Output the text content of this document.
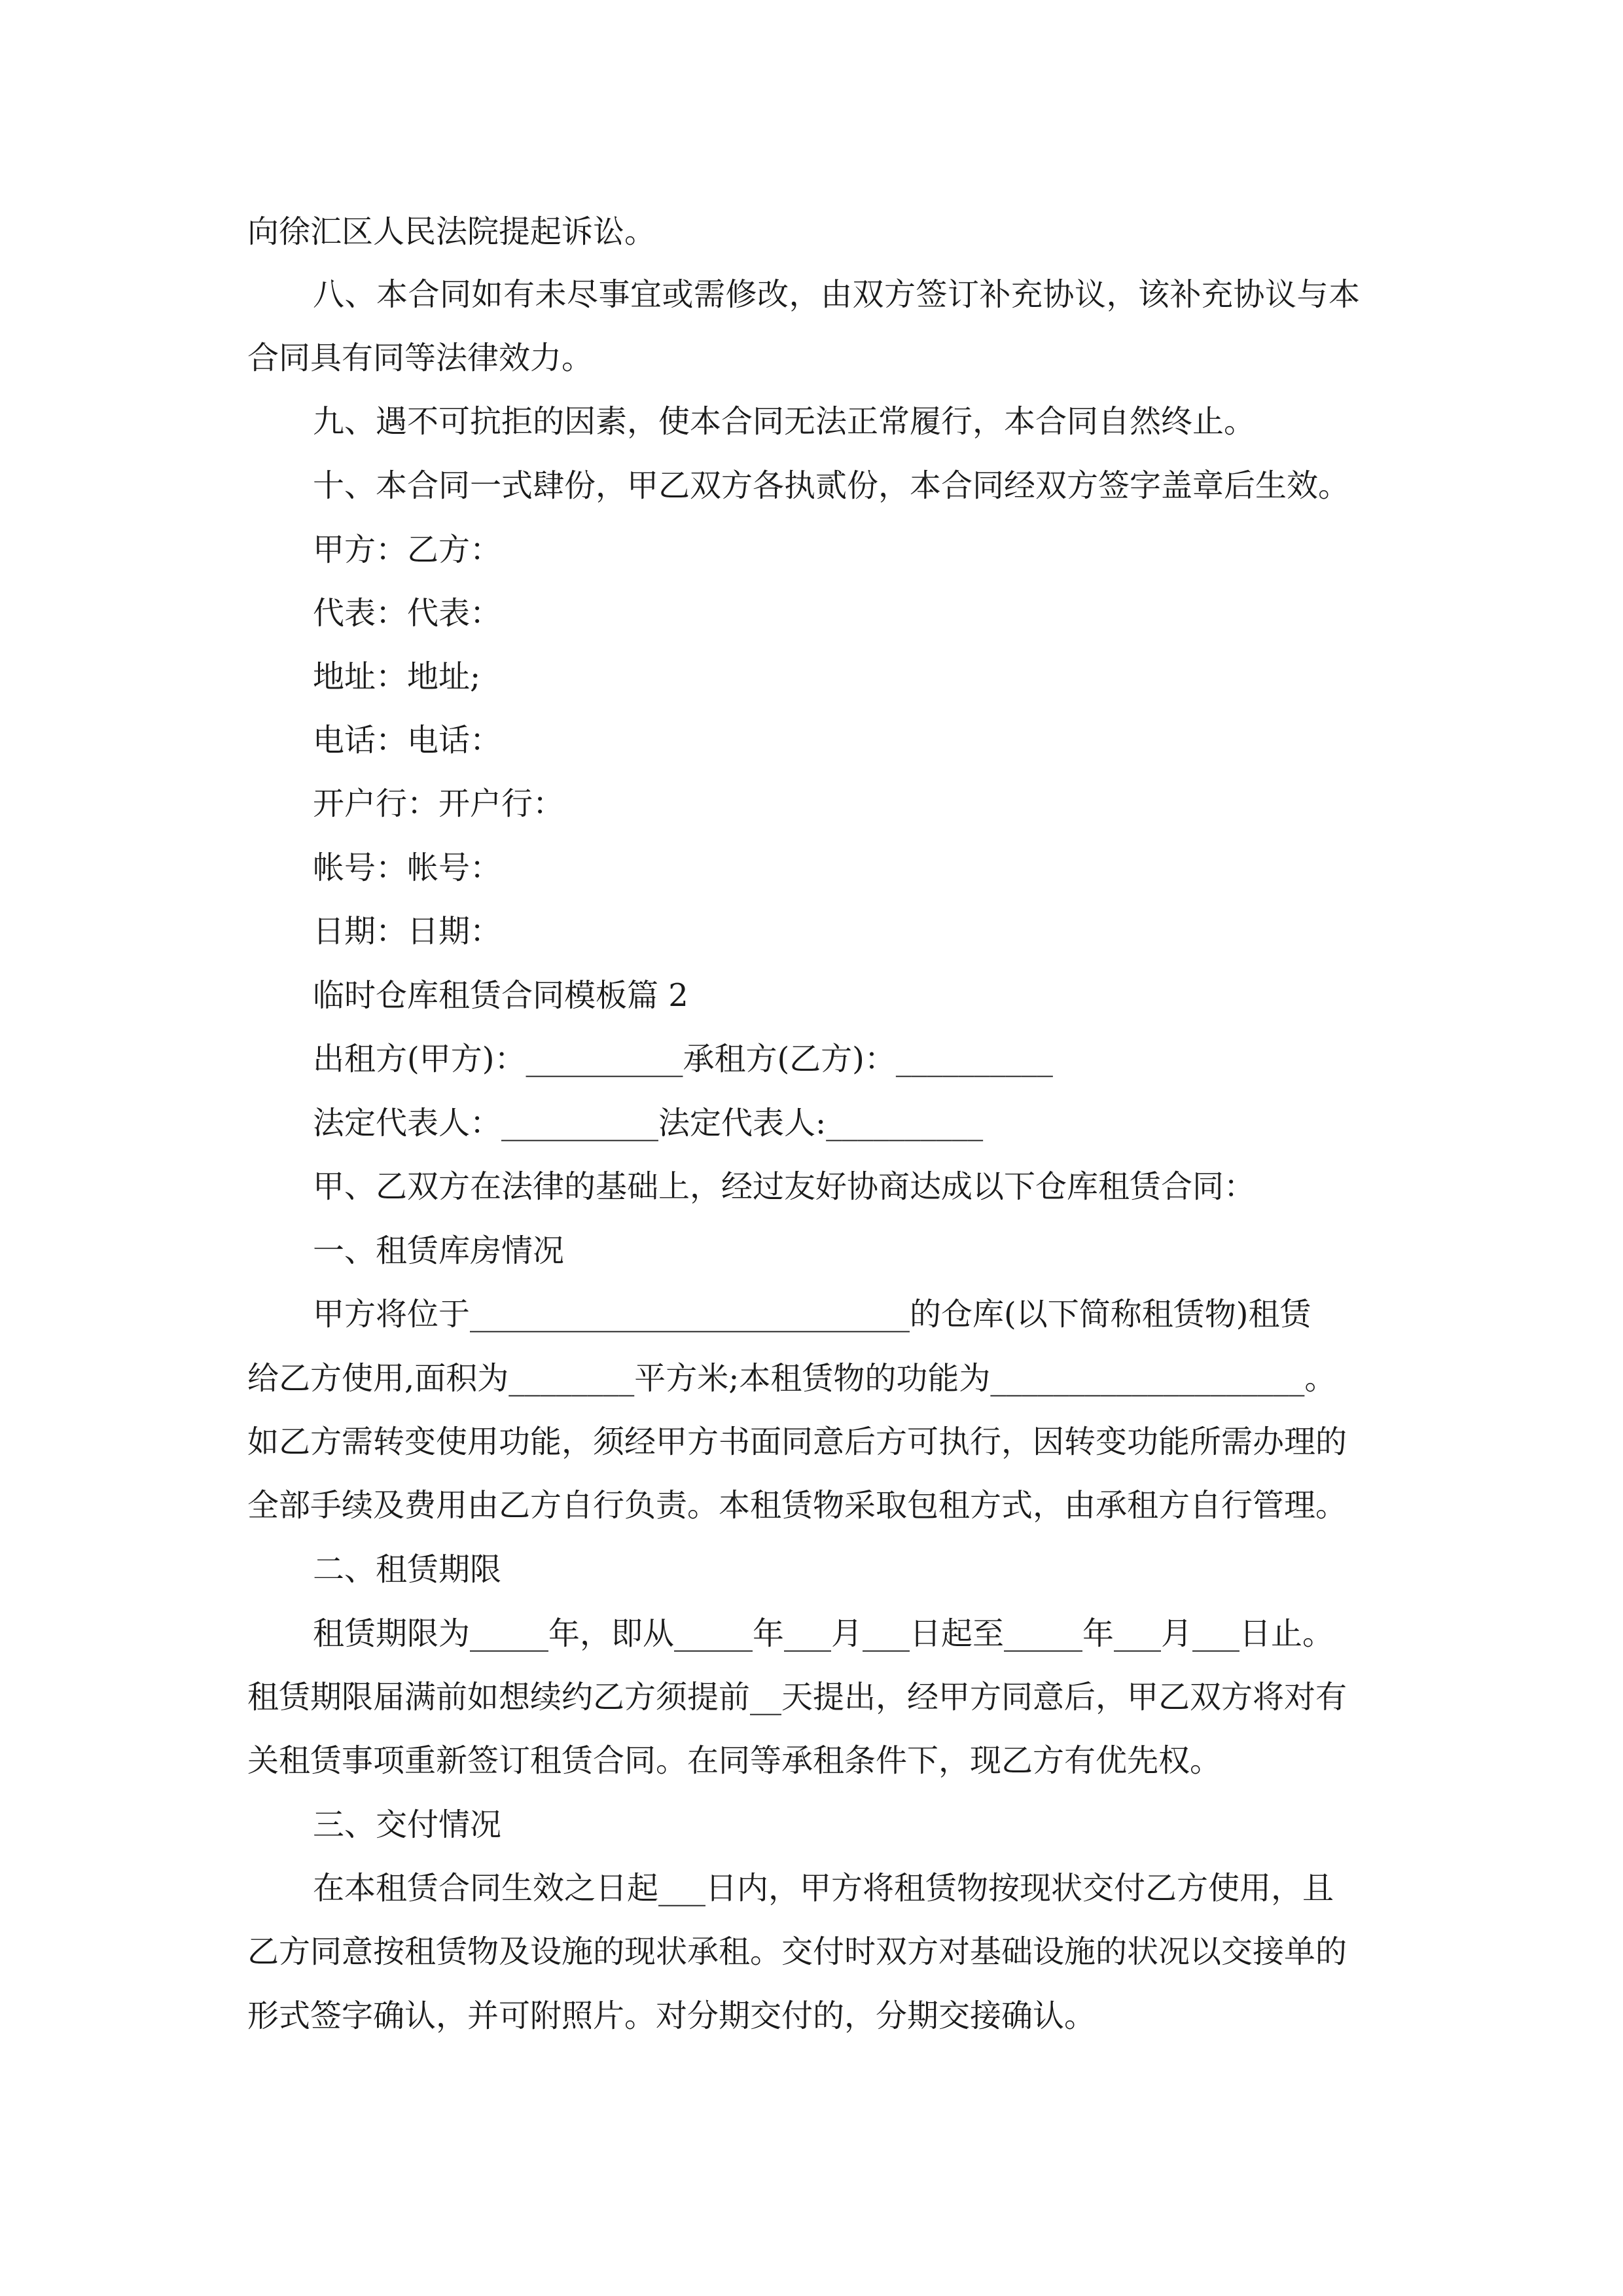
向徐汇区人民法院提起诉讼。

八、本合同如有未尽事宜或需修改，由双方签订补充协议，该补充协议与本

合同具有同等法律效力。

九、遇不可抗拒的因素，使本合同无法正常履行，本合同自然终止。

十、本合同一式肆份，甲乙双方各执贰份，本合同经双方签字盖章后生效。

甲方：乙方：

代表：代表：

地址：地址;

电话：电话：

开户行：开户行：

帐号：帐号：

日期：日期：

临时仓库租赁合同模板篇 2

出租方(甲方)：__________承租方(乙方)：__________

法定代表人：__________法定代表人:__________

甲、乙双方在法律的基础上，经过友好协商达成以下仓库租赁合同：

一、租赁库房情况

甲方将位于____________________________的仓库(以下简称租赁物)租赁

给乙方使用,面积为________平方米;本租赁物的功能为____________________。

如乙方需转变使用功能，须经甲方书面同意后方可执行，因转变功能所需办理的

全部手续及费用由乙方自行负责。本租赁物采取包租方式，由承租方自行管理。

二、租赁期限

租赁期限为_____年，即从_____年___月___日起至_____年___月___日止。

租赁期限届满前如想续约乙方须提前__天提出，经甲方同意后，甲乙双方将对有

关租赁事项重新签订租赁合同。在同等承租条件下，现乙方有优先权。

三、交付情况

在本租赁合同生效之日起___日内，甲方将租赁物按现状交付乙方使用，且

乙方同意按租赁物及设施的现状承租。交付时双方对基础设施的状况以交接单的

形式签字确认，并可附照片。对分期交付的，分期交接确认。
